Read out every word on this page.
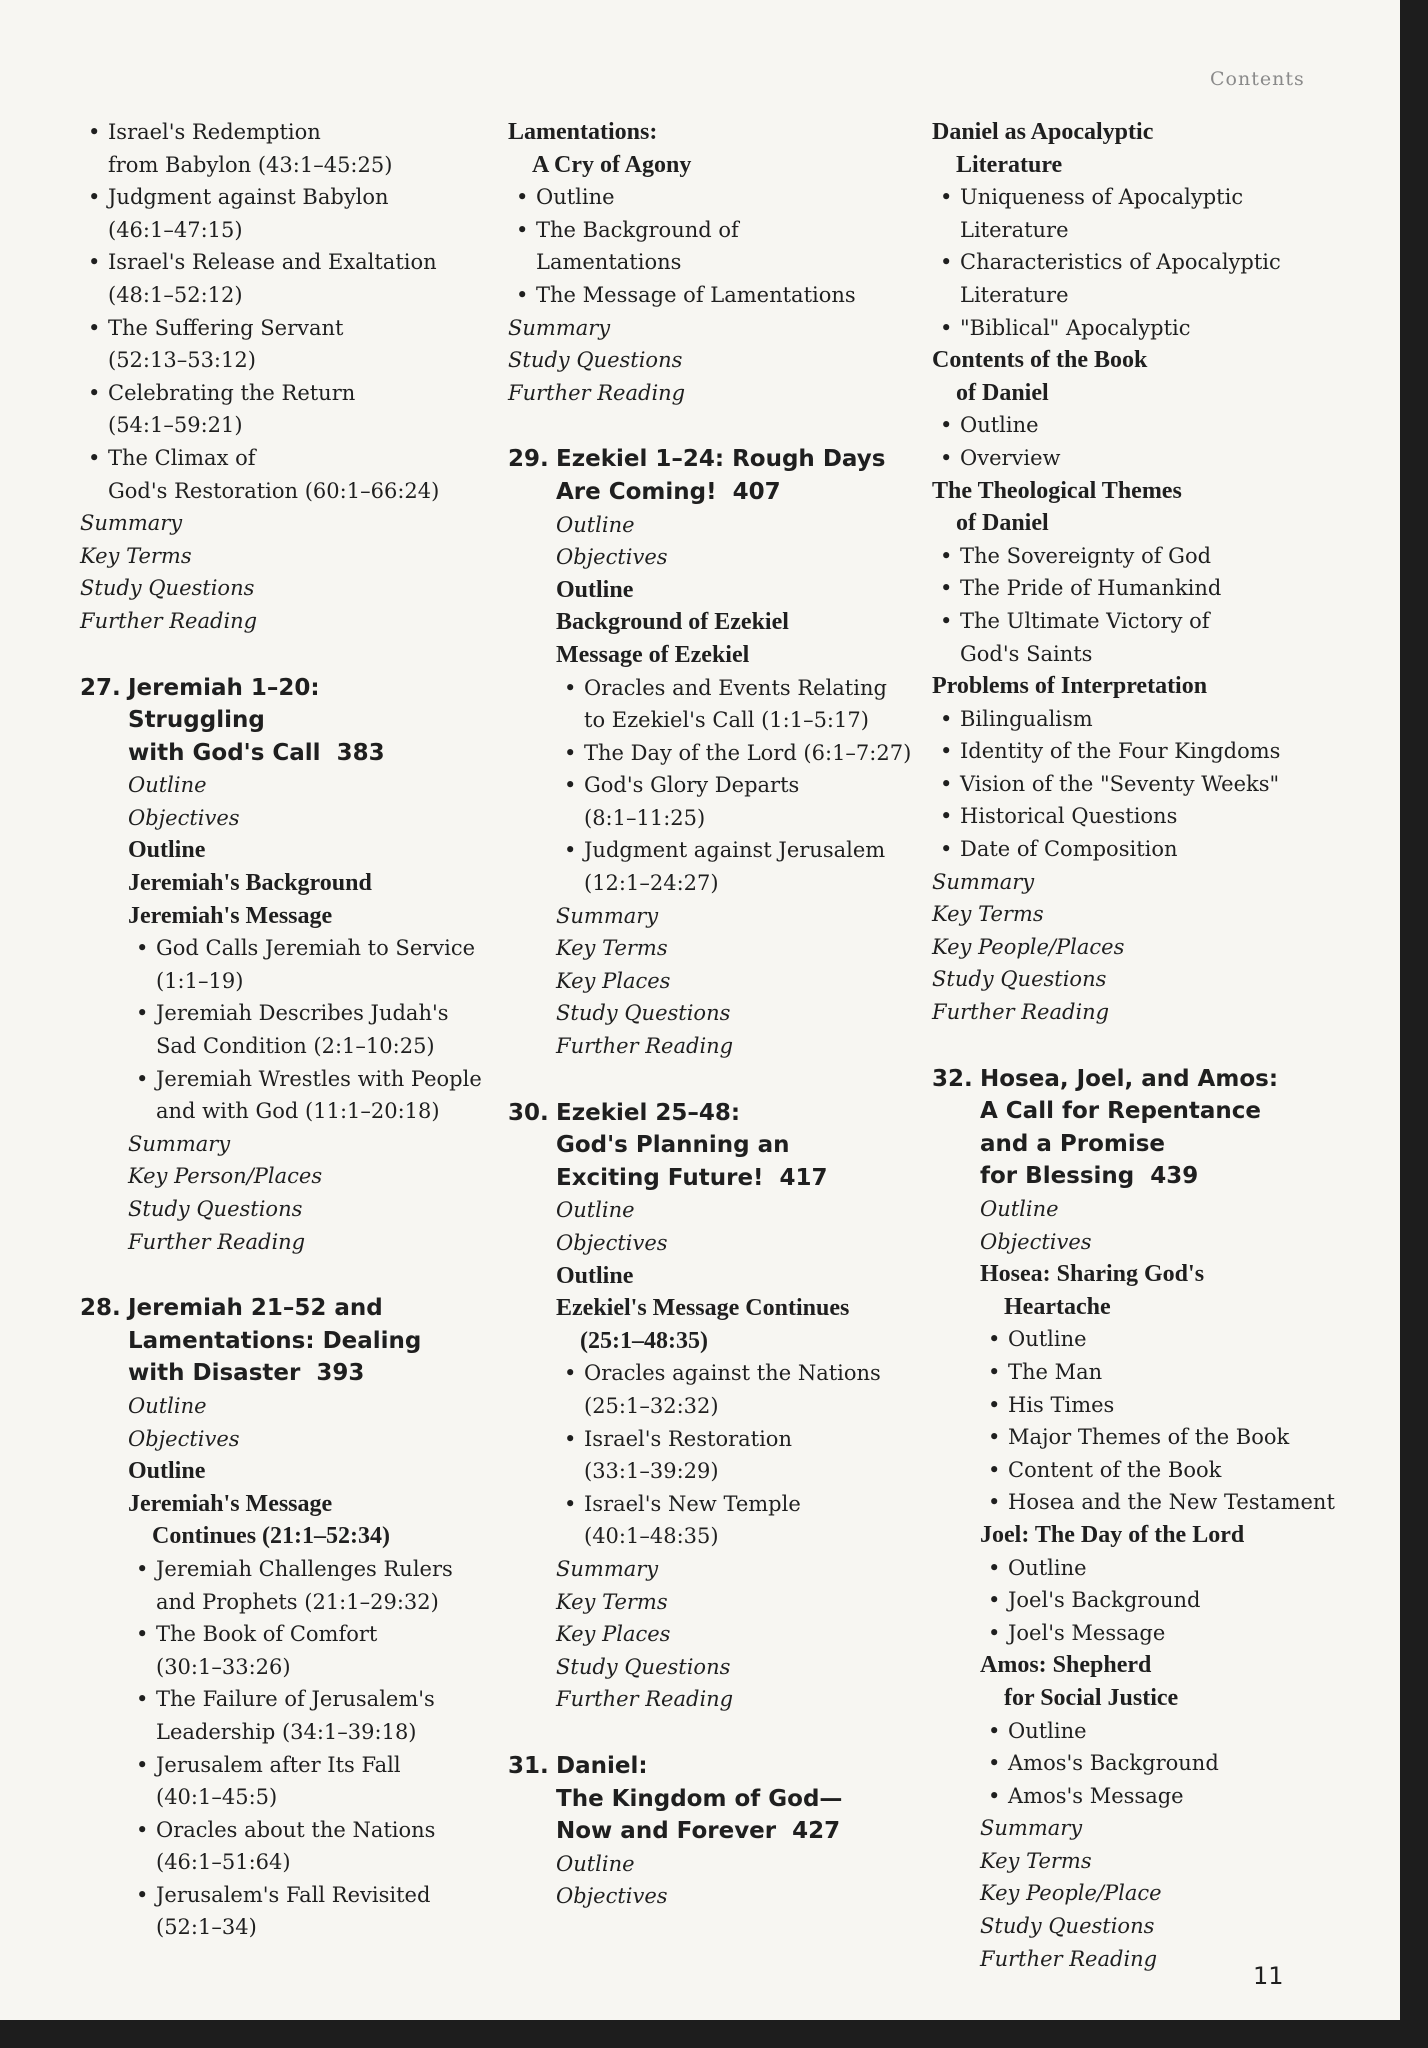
Contents
• Israel's Redemption
from Babylon (43:1–45:25)
• Judgment against Babylon
(46:1–47:15)
• Israel's Release and Exaltation
(48:1–52:12)
• The Suffering Servant
(52:13–53:12)
• Celebrating the Return
(54:1–59:21)
• The Climax of
God's Restoration (60:1–66:24)
Summary
Key Terms
Study Questions
Further Reading
27. Jeremiah 1–20:
Struggling
with God's Call 383
Outline
Objectives
Outline
Jeremiah's Background
Jeremiah's Message
• God Calls Jeremiah to Service
(1:1–19)
• Jeremiah Describes Judah's
Sad Condition (2:1–10:25)
• Jeremiah Wrestles with People
and with God (11:1–20:18)
Summary
Key Person/Places
Study Questions
Further Reading
28. Jeremiah 21–52 and
Lamentations: Dealing
with Disaster 393
Outline
Objectives
Outline
Jeremiah's Message
Continues (21:1–52:34)
• Jeremiah Challenges Rulers
and Prophets (21:1–29:32)
• The Book of Comfort
(30:1–33:26)
• The Failure of Jerusalem's
Leadership (34:1–39:18)
• Jerusalem after Its Fall
(40:1–45:5)
• Oracles about the Nations
(46:1–51:64)
• Jerusalem's Fall Revisited
(52:1–34)
Lamentations:
A Cry of Agony
• Outline
• The Background of
Lamentations
• The Message of Lamentations
Summary
Study Questions
Further Reading
29. Ezekiel 1–24: Rough Days
Are Coming! 407
Outline
Objectives
Outline
Background of Ezekiel
Message of Ezekiel
• Oracles and Events Relating
to Ezekiel's Call (1:1–5:17)
• The Day of the Lord (6:1–7:27)
• God's Glory Departs
(8:1–11:25)
• Judgment against Jerusalem
(12:1–24:27)
Summary
Key Terms
Key Places
Study Questions
Further Reading
30. Ezekiel 25–48:
God's Planning an
Exciting Future! 417
Outline
Objectives
Outline
Ezekiel's Message Continues
(25:1–48:35)
• Oracles against the Nations
(25:1–32:32)
• Israel's Restoration
(33:1–39:29)
• Israel's New Temple
(40:1–48:35)
Summary
Key Terms
Key Places
Study Questions
Further Reading
31. Daniel:
The Kingdom of God—
Now and Forever 427
Outline
Objectives
Daniel as Apocalyptic
Literature
• Uniqueness of Apocalyptic
Literature
• Characteristics of Apocalyptic
Literature
• "Biblical" Apocalyptic
Contents of the Book
of Daniel
• Outline
• Overview
The Theological Themes
of Daniel
• The Sovereignty of God
• The Pride of Humankind
• The Ultimate Victory of
God's Saints
Problems of Interpretation
• Bilingualism
• Identity of the Four Kingdoms
• Vision of the "Seventy Weeks"
• Historical Questions
• Date of Composition
Summary
Key Terms
Key People/Places
Study Questions
Further Reading
32. Hosea, Joel, and Amos:
A Call for Repentance
and a Promise
for Blessing 439
Outline
Objectives
Hosea: Sharing God's
Heartache
• Outline
• The Man
• His Times
• Major Themes of the Book
• Content of the Book
• Hosea and the New Testament
Joel: The Day of the Lord
• Outline
• Joel's Background
• Joel's Message
Amos: Shepherd
for Social Justice
• Outline
• Amos's Background
• Amos's Message
Summary
Key Terms
Key People/Place
Study Questions
Further Reading
11
